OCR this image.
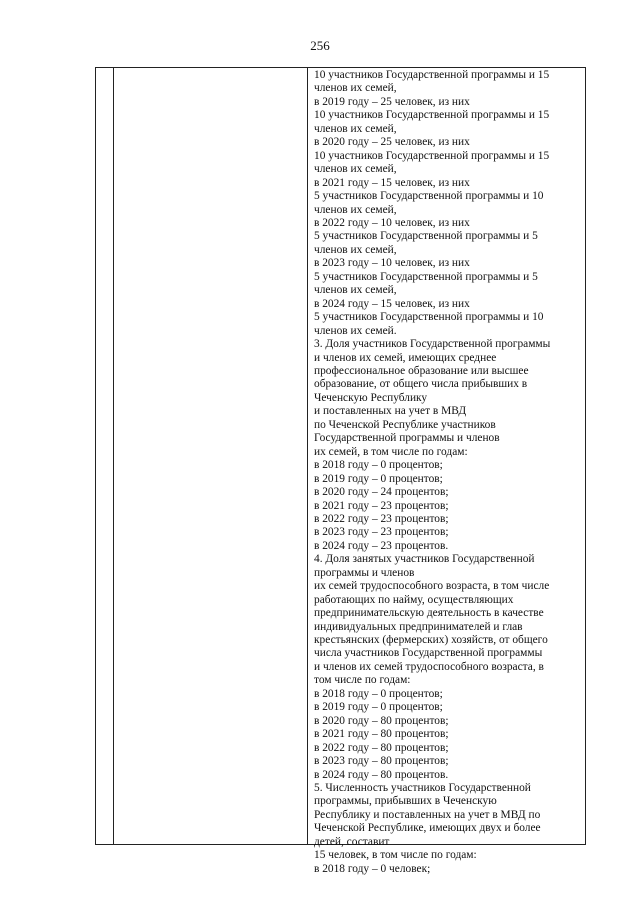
256
10 участников Государственной программы и 15
членов их семей,
в 2019 году – 25 человек, из них
10 участников Государственной программы и 15
членов их семей,
в 2020 году – 25 человек, из них
10 участников Государственной программы и 15
членов их семей,
в 2021 году – 15 человек, из них
5 участников Государственной программы и 10
членов их семей,
в 2022 году – 10 человек, из них
5 участников Государственной программы и 5
членов их семей,
в 2023 году – 10 человек, из них
5 участников Государственной программы и 5
членов их семей,
в 2024 году – 15 человек, из них
5 участников Государственной программы и 10
членов их семей.
3. Доля участников Государственной программы
и членов их семей, имеющих среднее
профессиональное образование или высшее
образование, от общего числа прибывших в
Чеченскую Республику
и поставленных на учет в МВД
по Чеченской Республике участников
Государственной программы и членов
их семей, в том числе по годам:
в 2018 году – 0 процентов;
в 2019 году – 0 процентов;
в 2020 году – 24 процентов;
в 2021 году – 23 процентов;
в 2022 году – 23 процентов;
в 2023 году – 23 процентов;
в 2024 году – 23 процентов.
4. Доля занятых участников Государственной
программы и членов
их семей трудоспособного возраста, в том числе
работающих по найму, осуществляющих
предпринимательскую деятельность в качестве
индивидуальных предпринимателей и глав
крестьянских (фермерских) хозяйств, от общего
числа участников Государственной программы
и членов их семей трудоспособного возраста, в
том числе по годам:
в 2018 году – 0 процентов;
в 2019 году – 0 процентов;
в 2020 году – 80 процентов;
в 2021 году – 80 процентов;
в 2022 году – 80 процентов;
в 2023 году – 80 процентов;
в 2024 году – 80 процентов.
5. Численность участников Государственной
программы, прибывших в Чеченскую
Республику и поставленных на учет в МВД по
Чеченской Республике, имеющих двух и более
детей, составит
15 человек, в том числе по годам:
в 2018 году – 0 человек;
